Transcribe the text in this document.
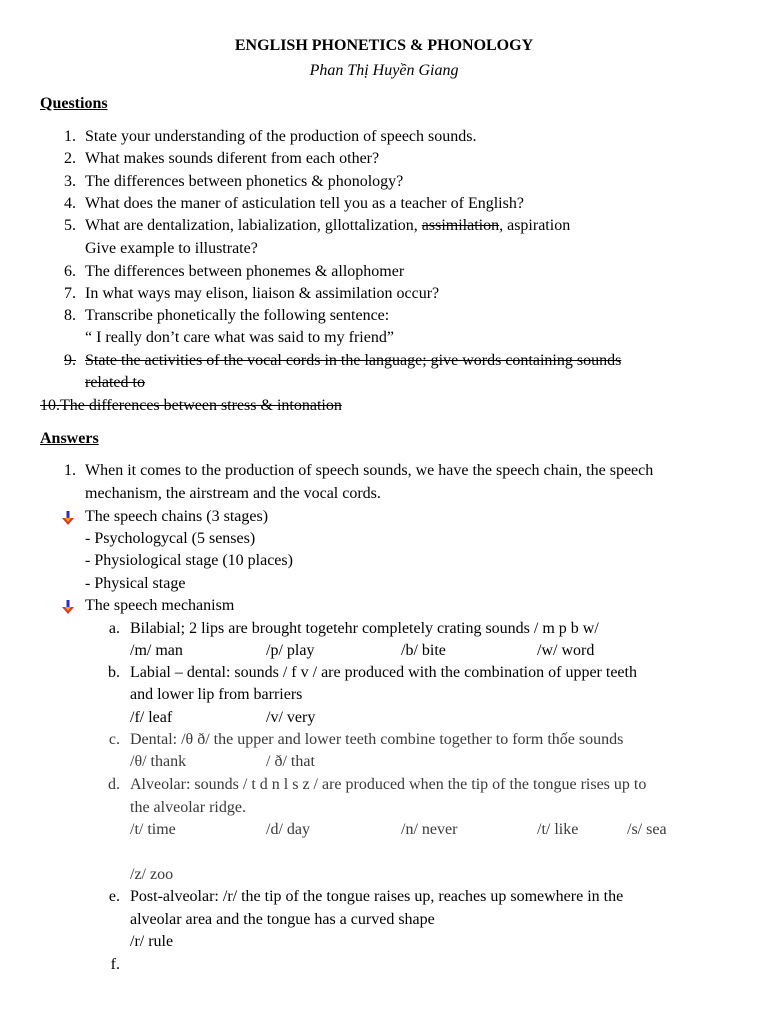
ENGLISH PHONETICS & PHONOLOGY
Phan Thị Huyền Giang
Questions
1. State your understanding of the production of speech sounds.
2. What makes sounds diferent from each other?
3. The differences between phonetics & phonology?
4. What does the maner of asticulation tell you as a teacher of English?
5. What are dentalization, labialization, gllottalization, assimilation, aspiration
Give example to illustrate?
6. The differences between phonemes & allophomer
7. In what ways may elison, liaison & assimilation occur?
8. Transcribe phonetically the following sentence:
“ I really don’t care what was said to my friend”
9. State the activities of the vocal cords in the language; give words containing sounds
related to
10.The differences between stress & intonation
Answers
1. When it comes to the production of speech sounds, we have the speech chain, the speech
mechanism, the airstream and the vocal cords.
The speech chains (3 stages)
- Psychologycal (5 senses)
- Physiological stage (10 places)
- Physical stage
The speech mechanism
a. Bilabial; 2 lips are brought togetehr completely crating sounds / m p b w/
/m/ man	/p/ play	/b/ bite	/w/ word
b. Labial – dental: sounds / f v / are produced with the combination of upper teeth
and lower lip from barriers
/f/ leaf	/v/ very
c. Dental: /θ ð/ the upper and lower teeth combine together to form thốe sounds
/θ/ thank	/ ð/ that
d. Alveolar: sounds / t d n l s z / are produced when the tip of the tongue rises up to
the alveolar ridge.
/t/ time	/d/ day	/n/ never	/t/ like	/s/ sea
/z/ zoo
e. Post-alveolar: /r/ the tip of the tongue raises up, reaches up somewhere in the
alveolar area and the tongue has a curved shape
/r/ rule
f.
